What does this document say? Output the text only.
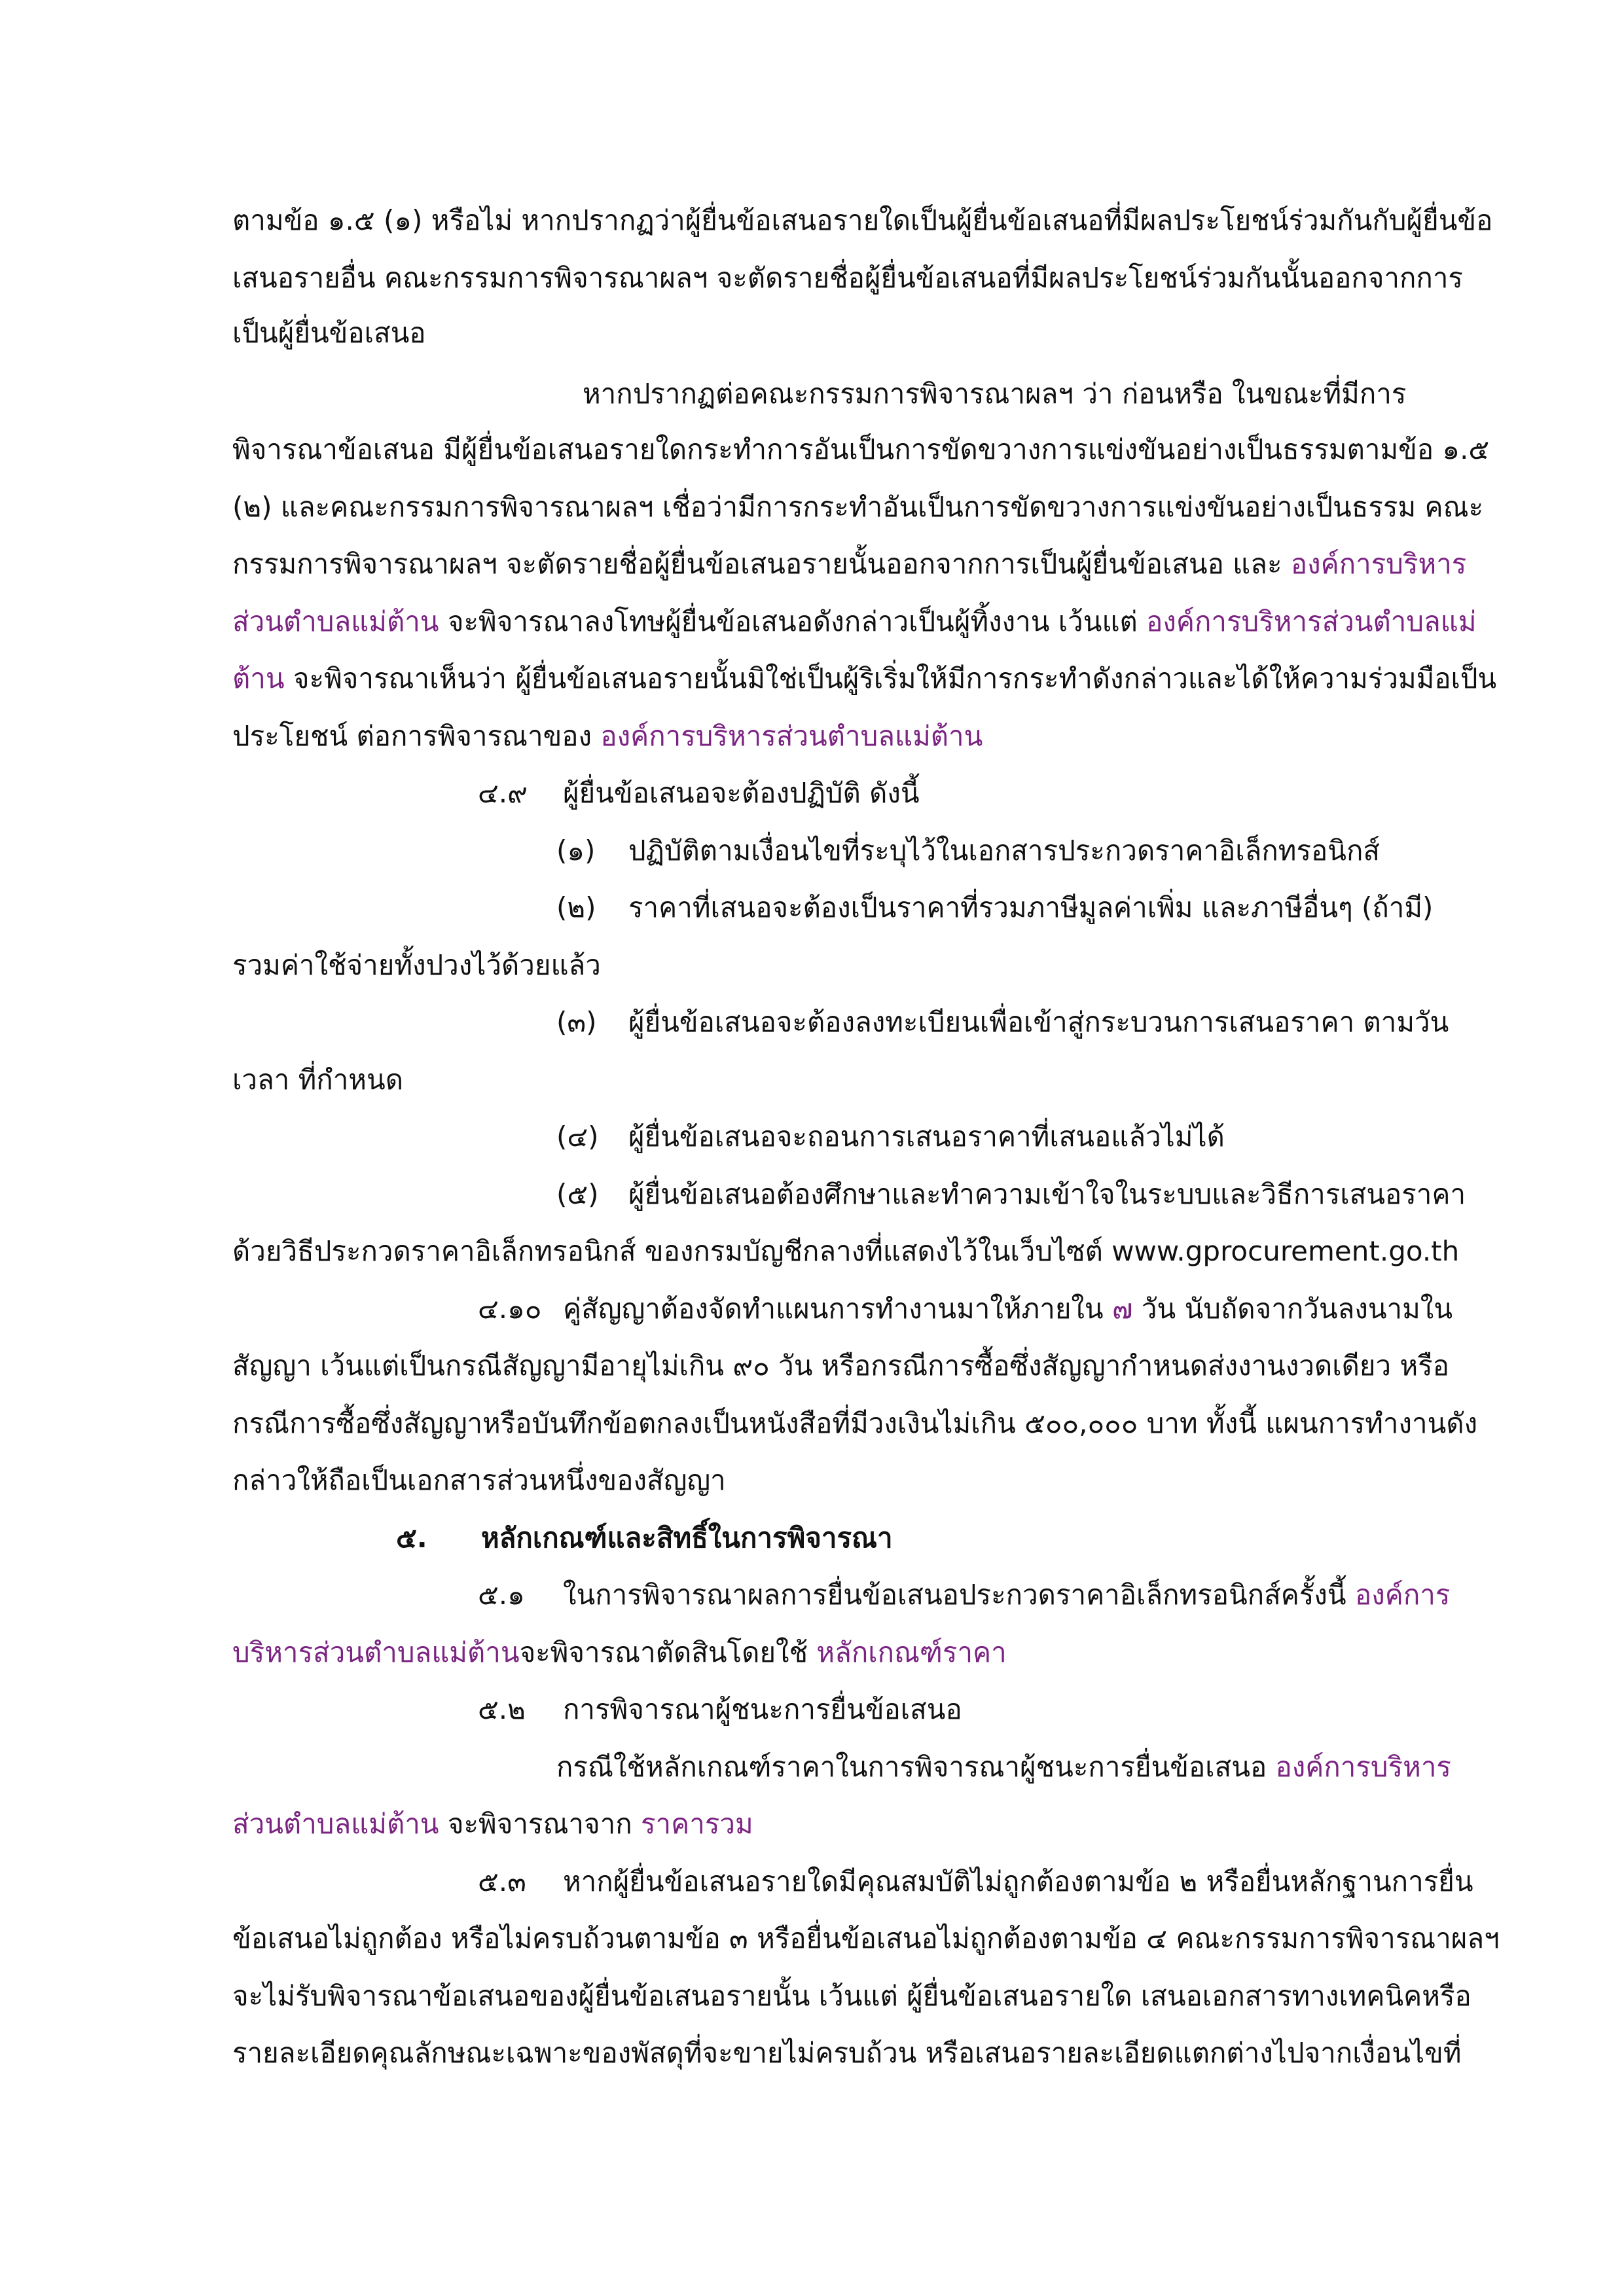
ตามข้อ ๑.๕ (๑) หรือไม่ หากปรากฏว่าผู้ยื่นข้อเสนอรายใดเป็นผู้ยื่นข้อเสนอที่มีผลประโยชน์ร่วมกันกับผู้ยื่นข้อ
เสนอรายอื่น คณะกรรมการพิจารณาผลฯ จะตัดรายชื่อผู้ยื่นข้อเสนอที่มีผลประโยชน์ร่วมกันนั้นออกจากการ
เป็นผู้ยื่นข้อเสนอ
หากปรากฏต่อคณะกรรมการพิจารณาผลฯ ว่า ก่อนหรือ ในขณะที่มีการ
พิจารณาข้อเสนอ มีผู้ยื่นข้อเสนอรายใดกระทำการอันเป็นการขัดขวางการแข่งขันอย่างเป็นธรรมตามข้อ ๑.๕
(๒) และคณะกรรมการพิจารณาผลฯ เชื่อว่ามีการกระทำอันเป็นการขัดขวางการแข่งขันอย่างเป็นธรรม คณะ
กรรมการพิจารณาผลฯ จะตัดรายชื่อผู้ยื่นข้อเสนอรายนั้นออกจากการเป็นผู้ยื่นข้อเสนอ และ องค์การบริหาร
ส่วนตำบลแม่ต้าน จะพิจารณาลงโทษผู้ยื่นข้อเสนอดังกล่าวเป็นผู้ทิ้งงาน เว้นแต่ องค์การบริหารส่วนตำบลแม่
ต้าน จะพิจารณาเห็นว่า ผู้ยื่นข้อเสนอรายนั้นมิใช่เป็นผู้ริเริ่มให้มีการกระทำดังกล่าวและได้ให้ความร่วมมือเป็น
ประโยชน์ ต่อการพิจารณาของ องค์การบริหารส่วนตำบลแม่ต้าน
๔.๙ ผู้ยื่นข้อเสนอจะต้องปฏิบัติ ดังนี้
(๑) ปฏิบัติตามเงื่อนไขที่ระบุไว้ในเอกสารประกวดราคาอิเล็กทรอนิกส์
(๒) ราคาที่เสนอจะต้องเป็นราคาที่รวมภาษีมูลค่าเพิ่ม และภาษีอื่นๆ (ถ้ามี)
รวมค่าใช้จ่ายทั้งปวงไว้ด้วยแล้ว
(๓) ผู้ยื่นข้อเสนอจะต้องลงทะเบียนเพื่อเข้าสู่กระบวนการเสนอราคา ตามวัน
เวลา ที่กำหนด
(๔) ผู้ยื่นข้อเสนอจะถอนการเสนอราคาที่เสนอแล้วไม่ได้
(๕) ผู้ยื่นข้อเสนอต้องศึกษาและทำความเข้าใจในระบบและวิธีการเสนอราคา
ด้วยวิธีประกวดราคาอิเล็กทรอนิกส์ ของกรมบัญชีกลางที่แสดงไว้ในเว็บไซต์ www.gprocurement.go.th
๔.๑๐ คู่สัญญาต้องจัดทำแผนการทำงานมาให้ภายใน ๗ วัน นับถัดจากวันลงนามใน
สัญญา เว้นแต่เป็นกรณีสัญญามีอายุไม่เกิน ๙๐ วัน หรือกรณีการซื้อซึ่งสัญญากำหนดส่งงานงวดเดียว หรือ
กรณีการซื้อซึ่งสัญญาหรือบันทึกข้อตกลงเป็นหนังสือที่มีวงเงินไม่เกิน ๕๐๐,๐๐๐ บาท ทั้งนี้ แผนการทำงานดัง
กล่าวให้ถือเป็นเอกสารส่วนหนึ่งของสัญญา
๕. หลักเกณฑ์และสิทธิ์ในการพิจารณา
๕.๑ ในการพิจารณาผลการยื่นข้อเสนอประกวดราคาอิเล็กทรอนิกส์ครั้งนี้ องค์การ
บริหารส่วนตำบลแม่ต้านจะพิจารณาตัดสินโดยใช้ หลักเกณฑ์ราคา
๕.๒ การพิจารณาผู้ชนะการยื่นข้อเสนอ
กรณีใช้หลักเกณฑ์ราคาในการพิจารณาผู้ชนะการยื่นข้อเสนอ องค์การบริหาร
ส่วนตำบลแม่ต้าน จะพิจารณาจาก ราคารวม
๕.๓ หากผู้ยื่นข้อเสนอรายใดมีคุณสมบัติไม่ถูกต้องตามข้อ ๒ หรือยื่นหลักฐานการยื่น
ข้อเสนอไม่ถูกต้อง หรือไม่ครบถ้วนตามข้อ ๓ หรือยื่นข้อเสนอไม่ถูกต้องตามข้อ ๔ คณะกรรมการพิจารณาผลฯ
จะไม่รับพิจารณาข้อเสนอของผู้ยื่นข้อเสนอรายนั้น เว้นแต่ ผู้ยื่นข้อเสนอรายใด เสนอเอกสารทางเทคนิคหรือ
รายละเอียดคุณลักษณะเฉพาะของพัสดุที่จะขายไม่ครบถ้วน หรือเสนอรายละเอียดแตกต่างไปจากเงื่อนไขที่
